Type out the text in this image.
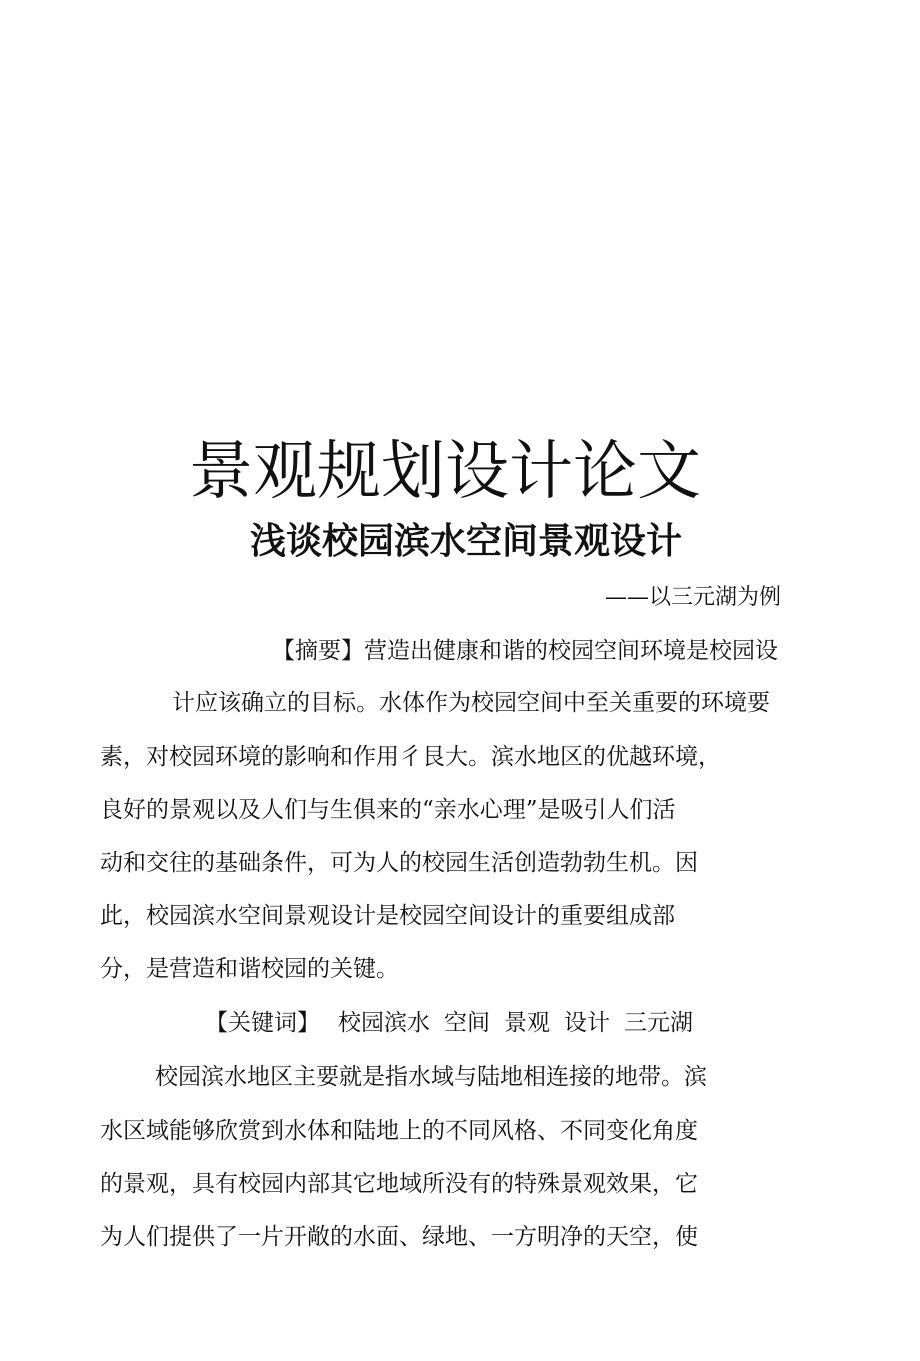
景观规划设计论文
浅谈校园滨水空间景观设计
——以三元湖为例
【摘要】营造出健康和谐的校园空间环境是校园设
计应该确立的目标。水体作为校园空间中至关重要的环境要
素，对校园环境的影响和作用彳艮大。滨水地区的优越环境，
良好的景观以及人们与生俱来的“亲水心理”是吸引人们活
动和交往的基础条件，可为人的校园生活创造勃勃生机。因
此，校园滨水空间景观设计是校园空间设计的重要组成部
分，是营造和谐校园的关键。
【关键词】 校园滨水 空间 景观 设计 三元湖
校园滨水地区主要就是指水域与陆地相连接的地带。滨
水区域能够欣赏到水体和陆地上的不同风格、不同变化角度
的景观，具有校园内部其它地域所没有的特殊景观效果，它
为人们提供了一片开敞的水面、绿地、一方明净的天空，使
